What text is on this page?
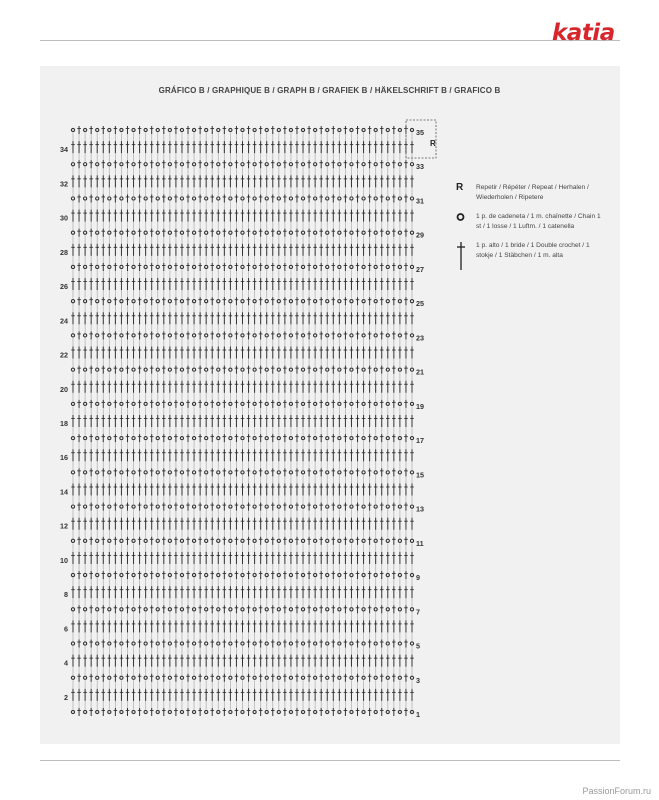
katia
GRÁFICO B / GRAPHIQUE B / GRAPH B / GRAFIEK B / HÄKELSCHRIFT B / GRAFICO B
35
34
33
32
31
30
29
28
27
26
25
24
23
22
21
20
19
18
17
16
15
14
13
12
11
10
9
8
7
6
5
4
3
2
1
R
R	Repetir / Répéter / Repeat / Herhalen / Wiederholen / Ripetere
1 p. de cadeneta / 1 m. chaînette / Chain 1 st / 1 losse / 1 Luftm. / 1 catenella
1 p. alto / 1 bride / 1 Double crochet / 1 stokje / 1 Stäbchen / 1 m. alta
PassionForum.ru
